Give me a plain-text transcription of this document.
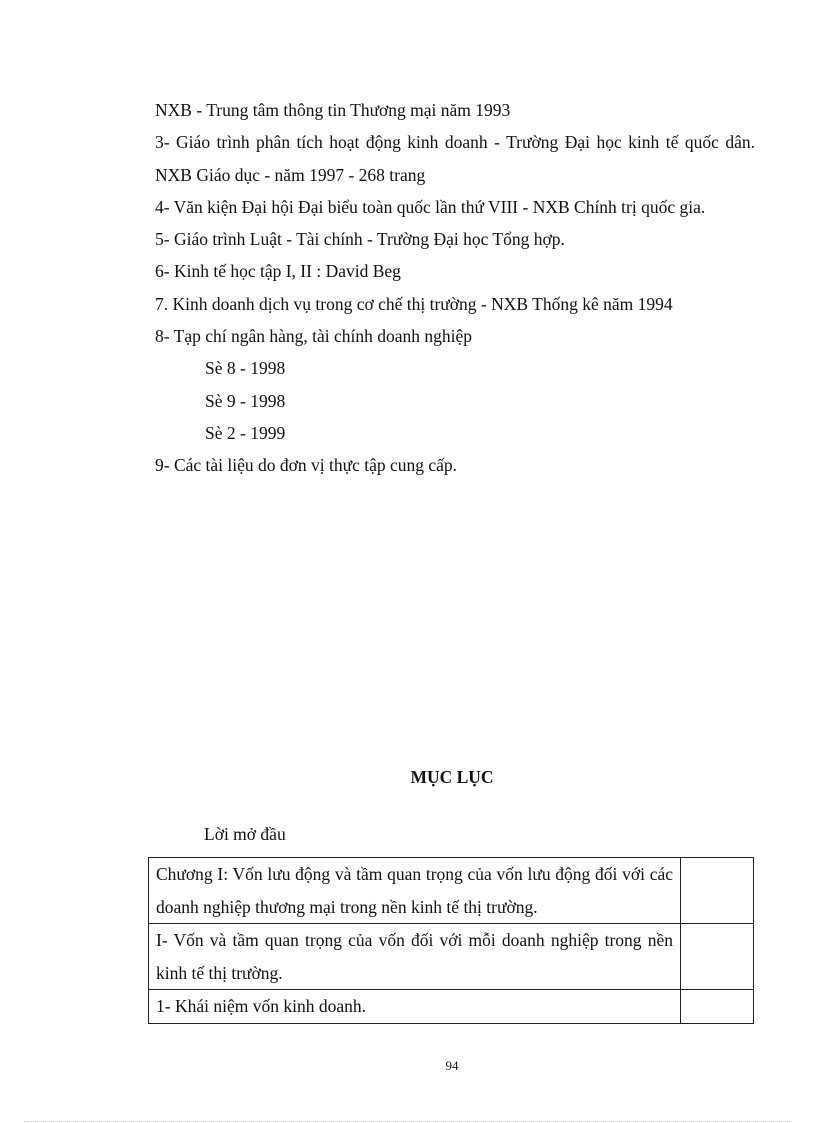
NXB - Trung tâm thông tin Thương mại năm 1993
3- Giáo trình phân tích hoạt động kinh doanh - Trường Đại học kinh tế quốc dân. NXB Giáo dục - năm 1997 - 268 trang
4- Văn kiện Đại hội Đại biểu toàn quốc lần thứ VIII - NXB Chính trị quốc gia.
5- Giáo trình Luật - Tài chính - Trường Đại học Tổng hợp.
6- Kinh tế học tập I, II : David Beg
7. Kinh doanh dịch vụ trong cơ chế thị trường - NXB Thống kê năm 1994
8- Tạp chí ngân hàng, tài chính doanh nghiệp
Sè 8 - 1998
Sè 9 - 1998
Sè 2 - 1999
9- Các tài liệu do đơn vị thực tập cung cấp.
MỤC LỤC
Lời mở đầu
Chương I: Vốn lưu động và tầm quan trọng của vốn lưu động đối với các doanh nghiệp thương mại trong nền kinh tế thị trường.	
I- Vốn và tầm quan trọng của vốn đối với mỗi doanh nghiệp trong nền kinh tế thị trường.	
1- Khái niệm vốn kinh doanh.	
94
